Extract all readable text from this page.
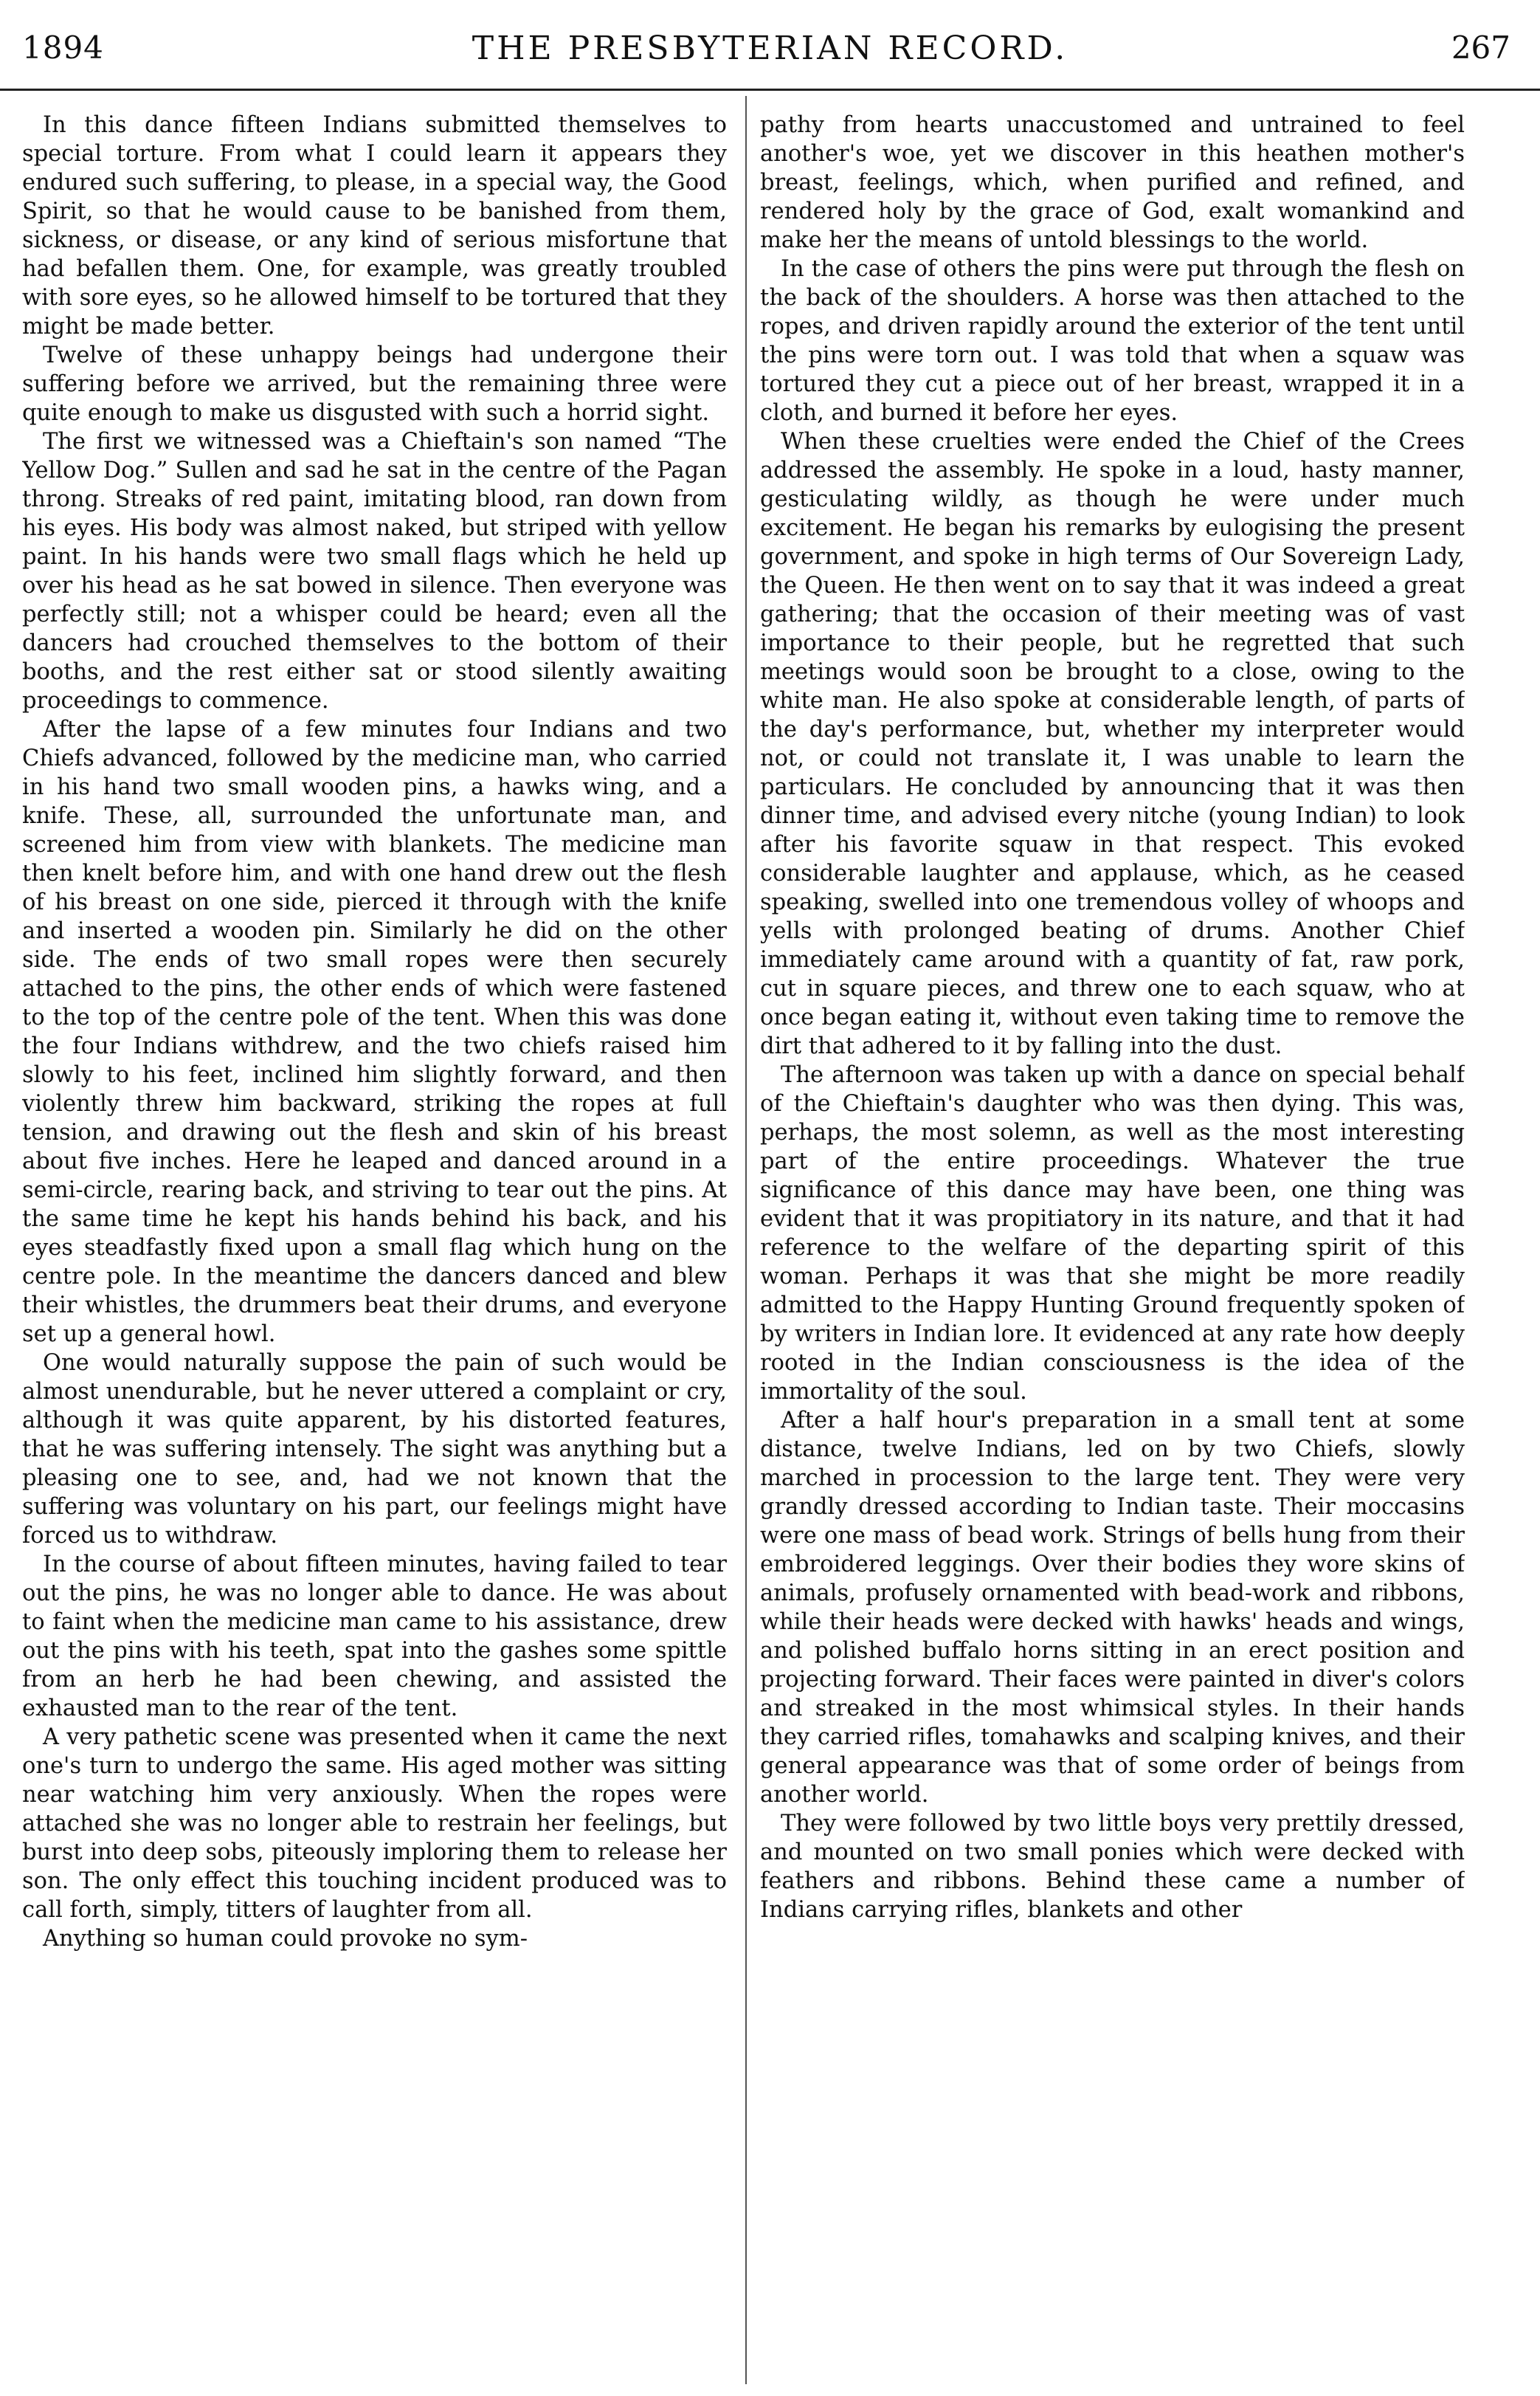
1894	THE PRESBYTERIAN RECORD.	267

In this dance fifteen Indians submitted themselves to special torture. From what I could learn it appears they endured such suffering, to please, in a special way, the Good Spirit, so that he would cause to be banished from them, sickness, or disease, or any kind of serious misfortune that had befallen them. One, for example, was greatly troubled with sore eyes, so he allowed himself to be tortured that they might be made better.

Twelve of these unhappy beings had undergone their suffering before we arrived, but the remaining three were quite enough to make us disgusted with such a horrid sight.

The first we witnessed was a Chieftain's son named “The Yellow Dog.” Sullen and sad he sat in the centre of the Pagan throng. Streaks of red paint, imitating blood, ran down from his eyes. His body was almost naked, but striped with yellow paint. In his hands were two small flags which he held up over his head as he sat bowed in silence. Then everyone was perfectly still; not a whisper could be heard; even all the dancers had crouched themselves to the bottom of their booths, and the rest either sat or stood silently awaiting proceedings to commence.

After the lapse of a few minutes four Indians and two Chiefs advanced, followed by the medicine man, who carried in his hand two small wooden pins, a hawks wing, and a knife. These, all, surrounded the unfortunate man, and screened him from view with blankets. The medicine man then knelt before him, and with one hand drew out the flesh of his breast on one side, pierced it through with the knife and inserted a wooden pin. Similarly he did on the other side. The ends of two small ropes were then securely attached to the pins, the other ends of which were fastened to the top of the centre pole of the tent. When this was done the four Indians withdrew, and the two chiefs raised him slowly to his feet, inclined him slightly forward, and then violently threw him backward, striking the ropes at full tension, and drawing out the flesh and skin of his breast about five inches. Here he leaped and danced around in a semi-circle, rearing back, and striving to tear out the pins. At the same time he kept his hands behind his back, and his eyes steadfastly fixed upon a small flag which hung on the centre pole. In the meantime the dancers danced and blew their whistles, the drummers beat their drums, and everyone set up a general howl.

One would naturally suppose the pain of such would be almost unendurable, but he never uttered a complaint or cry, although it was quite apparent, by his distorted features, that he was suffering intensely. The sight was anything but a pleasing one to see, and, had we not known that the suffering was voluntary on his part, our feelings might have forced us to withdraw.

In the course of about fifteen minutes, having failed to tear out the pins, he was no longer able to dance. He was about to faint when the medicine man came to his assistance, drew out the pins with his teeth, spat into the gashes some spittle from an herb he had been chewing, and assisted the exhausted man to the rear of the tent.

A very pathetic scene was presented when it came the next one's turn to undergo the same. His aged mother was sitting near watching him very anxiously. When the ropes were attached she was no longer able to restrain her feelings, but burst into deep sobs, piteously imploring them to release her son. The only effect this touching incident produced was to call forth, simply, titters of laughter from all.

Anything so human could provoke no sym-

pathy from hearts unaccustomed and untrained to feel another's woe, yet we discover in this heathen mother's breast, feelings, which, when purified and refined, and rendered holy by the grace of God, exalt womankind and make her the means of untold blessings to the world.

In the case of others the pins were put through the flesh on the back of the shoulders. A horse was then attached to the ropes, and driven rapidly around the exterior of the tent until the pins were torn out. I was told that when a squaw was tortured they cut a piece out of her breast, wrapped it in a cloth, and burned it before her eyes.

When these cruelties were ended the Chief of the Crees addressed the assembly. He spoke in a loud, hasty manner, gesticulating wildly, as though he were under much excitement. He began his remarks by eulogising the present government, and spoke in high terms of Our Sovereign Lady, the Queen. He then went on to say that it was indeed a great gathering; that the occasion of their meeting was of vast importance to their people, but he regretted that such meetings would soon be brought to a close, owing to the white man. He also spoke at considerable length, of parts of the day's performance, but, whether my interpreter would not, or could not translate it, I was unable to learn the particulars. He concluded by announcing that it was then dinner time, and advised every nitche (young Indian) to look after his favorite squaw in that respect. This evoked considerable laughter and applause, which, as he ceased speaking, swelled into one tremendous volley of whoops and yells with prolonged beating of drums. Another Chief immediately came around with a quantity of fat, raw pork, cut in square pieces, and threw one to each squaw, who at once began eating it, without even taking time to remove the dirt that adhered to it by falling into the dust.

The afternoon was taken up with a dance on special behalf of the Chieftain's daughter who was then dying. This was, perhaps, the most solemn, as well as the most interesting part of the entire proceedings. Whatever the true significance of this dance may have been, one thing was evident that it was propitiatory in its nature, and that it had reference to the welfare of the departing spirit of this woman. Perhaps it was that she might be more readily admitted to the Happy Hunting Ground frequently spoken of by writers in Indian lore. It evidenced at any rate how deeply rooted in the Indian consciousness is the idea of the immortality of the soul.

After a half hour's preparation in a small tent at some distance, twelve Indians, led on by two Chiefs, slowly marched in procession to the large tent. They were very grandly dressed according to Indian taste. Their moccasins were one mass of bead work. Strings of bells hung from their embroidered leggings. Over their bodies they wore skins of animals, profusely ornamented with bead-work and ribbons, while their heads were decked with hawks' heads and wings, and polished buffalo horns sitting in an erect position and projecting forward. Their faces were painted in diver's colors and streaked in the most whimsical styles. In their hands they carried rifles, tomahawks and scalping knives, and their general appearance was that of some order of beings from another world.

They were followed by two little boys very prettily dressed, and mounted on two small ponies which were decked with feathers and ribbons. Behind these came a number of Indians carrying rifles, blankets and other
